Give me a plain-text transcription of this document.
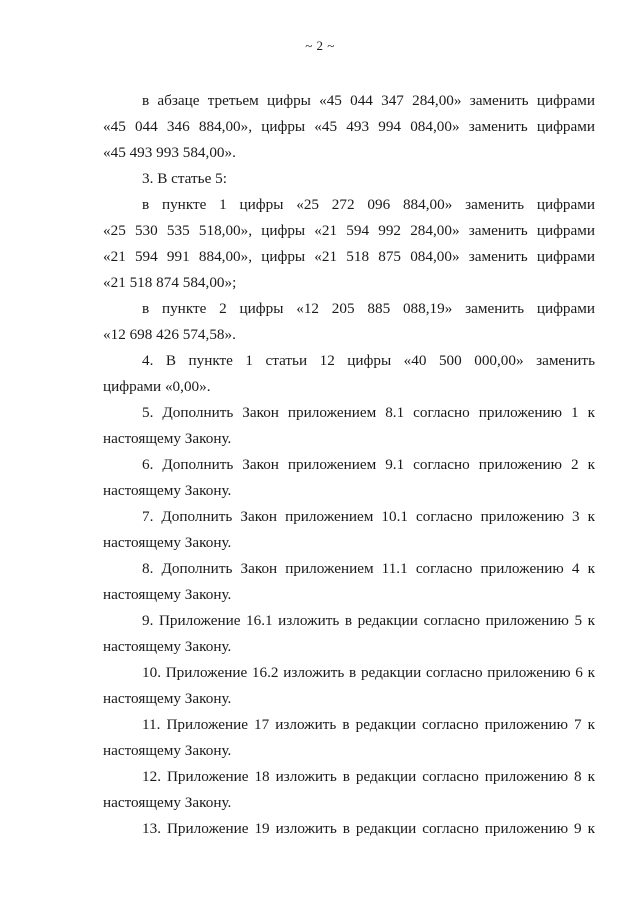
~ 2 ~
в абзаце третьем цифры «45 044 347 284,00» заменить цифрами
«45 044 346 884,00», цифры «45 493 994 084,00» заменить цифрами
«45 493 993 584,00».
3. В статье 5:
в пункте 1 цифры «25 272 096 884,00» заменить цифрами
«25 530 535 518,00», цифры «21 594 992 284,00» заменить цифрами
«21 594 991 884,00», цифры «21 518 875 084,00» заменить цифрами
«21 518 874 584,00»;
в пункте 2 цифры «12 205 885 088,19» заменить цифрами
«12 698 426 574,58».
4. В пункте 1 статьи 12 цифры «40 500 000,00» заменить
цифрами «0,00».
5. Дополнить Закон приложением 8.1 согласно приложению 1 к
настоящему Закону.
6. Дополнить Закон приложением 9.1 согласно приложению 2 к
настоящему Закону.
7. Дополнить Закон приложением 10.1 согласно приложению 3 к
настоящему Закону.
8. Дополнить Закон приложением 11.1 согласно приложению 4 к
настоящему Закону.
9. Приложение 16.1 изложить в редакции согласно приложению 5 к
настоящему Закону.
10. Приложение 16.2 изложить в редакции согласно приложению 6 к
настоящему Закону.
11. Приложение 17 изложить в редакции согласно приложению 7 к
настоящему Закону.
12. Приложение 18 изложить в редакции согласно приложению 8 к
настоящему Закону.
13. Приложение 19 изложить в редакции согласно приложению 9 к
